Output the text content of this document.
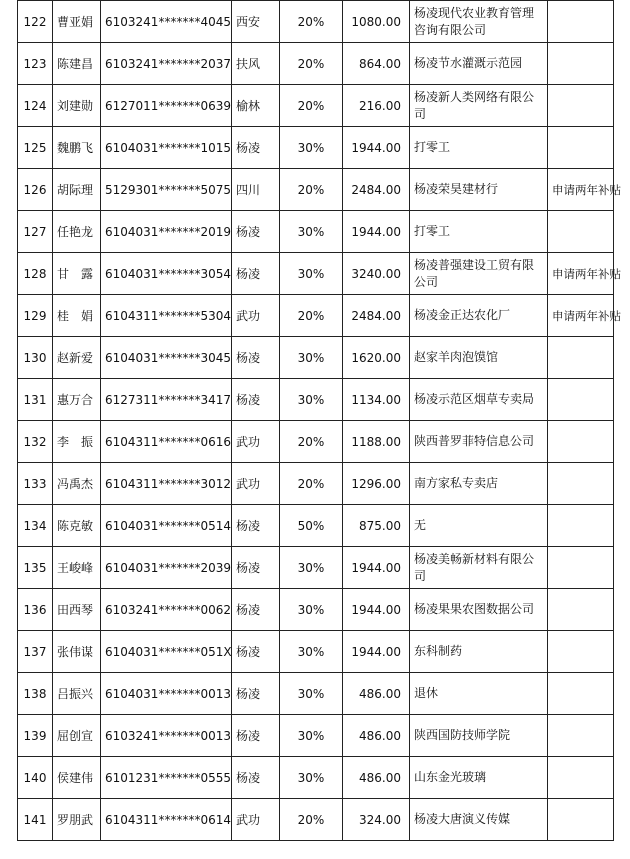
122	曹亚娟	6103241*******4045	西安	20%	1080.00	杨凌现代农业教育管理咨询有限公司	
123	陈建昌	6103241*******2037	扶风	20%	864.00	杨凌节水灌溉示范园	
124	刘建勋	6127011*******0639	榆林	20%	216.00	杨凌新人类网络有限公司	
125	魏鹏飞	6104031*******1015	杨凌	30%	1944.00	打零工	
126	胡际理	5129301*******5075	四川	20%	2484.00	杨凌荣昊建材行	申请两年补贴
127	任艳龙	6104031*******2019	杨凌	30%	1944.00	打零工	
128	甘　露	6104031*******3054	杨凌	30%	3240.00	杨凌普强建设工贸有限公司	申请两年补贴
129	桂　娟	6104311*******5304	武功	20%	2484.00	杨凌金正达农化厂	申请两年补贴
130	赵新爱	6104031*******3045	杨凌	30%	1620.00	赵家羊肉泡馍馆	
131	惠万合	6127311*******3417	杨凌	30%	1134.00	杨凌示范区烟草专卖局	
132	李　振	6104311*******0616	武功	20%	1188.00	陕西普罗菲特信息公司	
133	冯禹杰	6104311*******3012	武功	20%	1296.00	南方家私专卖店	
134	陈克敏	6104031*******0514	杨凌	50%	875.00	无	
135	王峻峰	6104031*******2039	杨凌	30%	1944.00	杨凌美畅新材料有限公司	
136	田西琴	6103241*******0062	杨凌	30%	1944.00	杨凌果果农图数据公司	
137	张伟谋	6104031*******051X	杨凌	30%	1944.00	东科制药	
138	吕振兴	6104031*******0013	杨凌	30%	486.00	退休	
139	屈创宣	6103241*******0013	杨凌	30%	486.00	陕西国防技师学院	
140	侯建伟	6101231*******0555	杨凌	30%	486.00	山东金光玻璃	
141	罗朋武	6104311*******0614	武功	20%	324.00	杨凌大唐演义传媒	
